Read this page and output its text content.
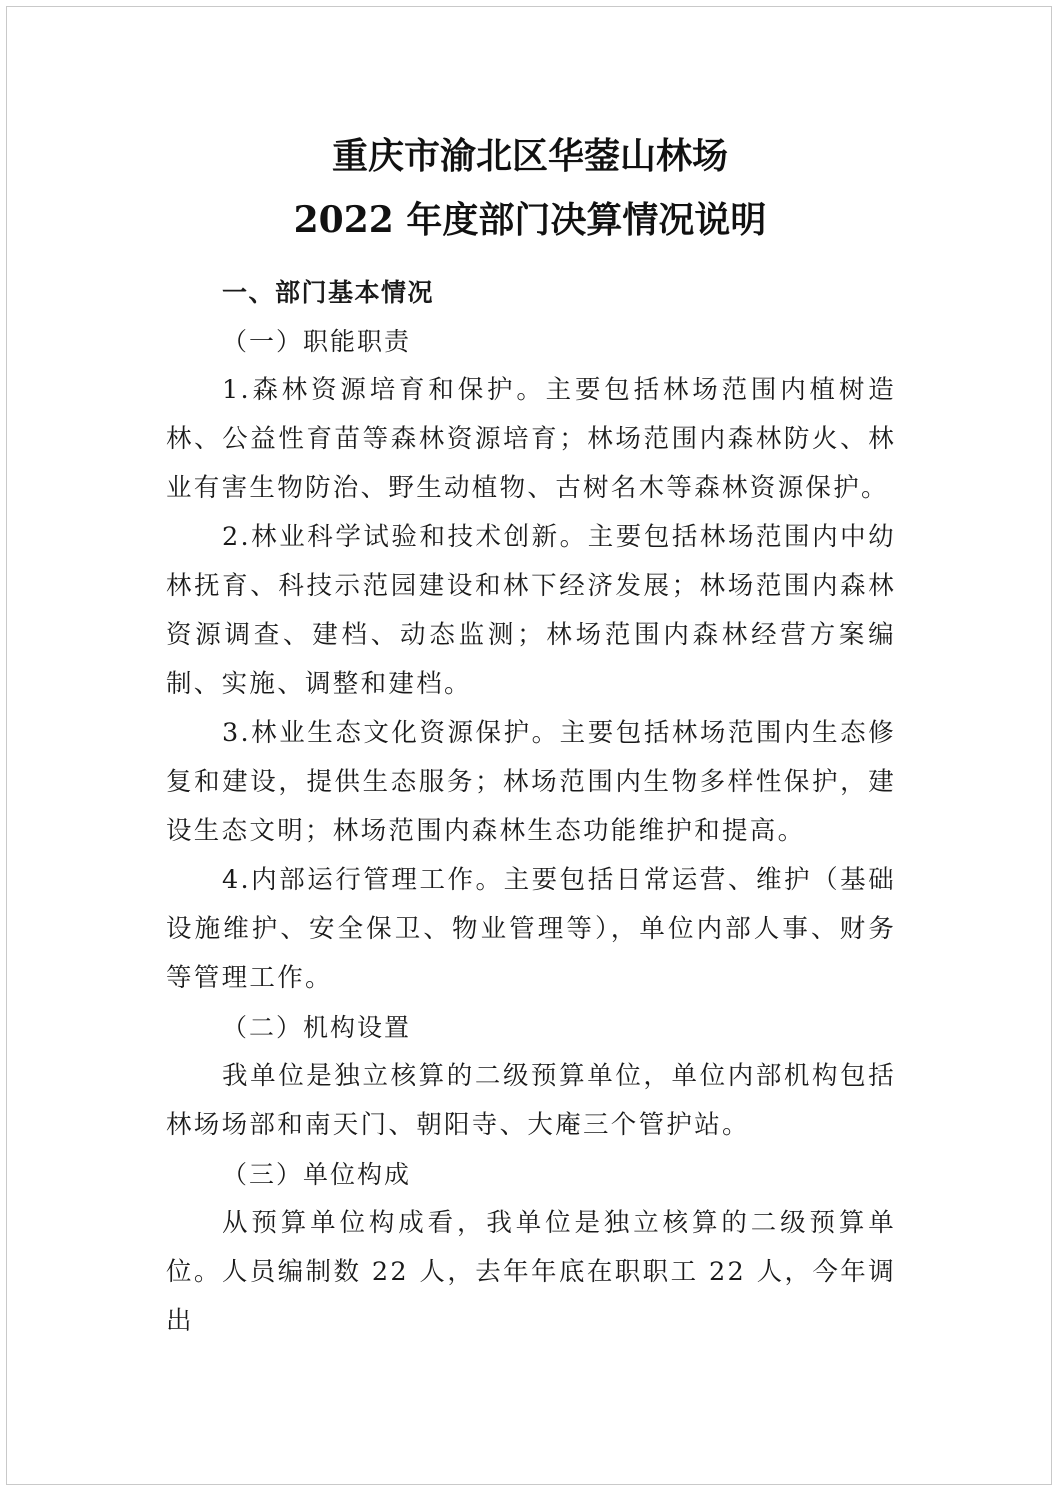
重庆市渝北区华蓥山林场
2022 年度部门决算情况说明

一、部门基本情况

（一）职能职责

1.森林资源培育和保护。主要包括林场范围内植树造林、公益性育苗等森林资源培育；林场范围内森林防火、林业有害生物防治、野生动植物、古树名木等森林资源保护。

2.林业科学试验和技术创新。主要包括林场范围内中幼林抚育、科技示范园建设和林下经济发展；林场范围内森林资源调查、建档、动态监测；林场范围内森林经营方案编制、实施、调整和建档。

3.林业生态文化资源保护。主要包括林场范围内生态修复和建设，提供生态服务；林场范围内生物多样性保护，建设生态文明；林场范围内森林生态功能维护和提高。

4.内部运行管理工作。主要包括日常运营、维护（基础设施维护、安全保卫、物业管理等），单位内部人事、财务等管理工作。

（二）机构设置

我单位是独立核算的二级预算单位，单位内部机构包括林场场部和南天门、朝阳寺、大庵三个管护站。

（三）单位构成

从预算单位构成看，我单位是独立核算的二级预算单位。人员编制数 22 人，去年年底在职职工 22 人，今年调出
